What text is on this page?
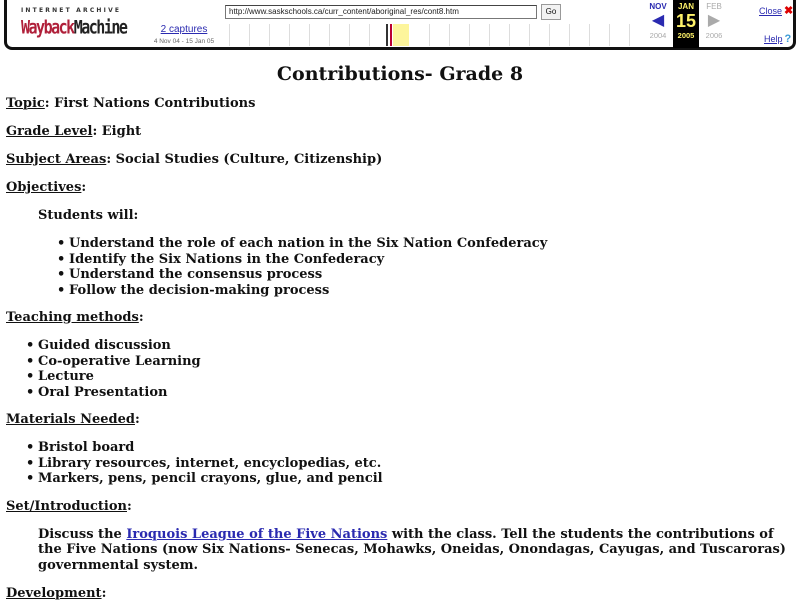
INTERNET ARCHIVE
WaybackMachine	2 captures
4 Nov 04 - 15 Jan 05
http://www.saskschools.ca/curr_content/aboriginal_res/cont8.htm	Go
NOV
◀
2004
JAN
15
2005
FEB
▶
2006
Close ✖
Help ?
Contributions- Grade 8
Topic: First Nations Contributions
Grade Level: Eight
Subject Areas: Social Studies (Culture, Citizenship)
Objectives:
Students will:
• Understand the role of each nation in the Six Nation Confederacy
• Identify the Six Nations in the Confederacy
• Understand the consensus process
• Follow the decision-making process
Teaching methods:
• Guided discussion
• Co-operative Learning
• Lecture
• Oral Presentation
Materials Needed:
• Bristol board
• Library resources, internet, encyclopedias, etc.
• Markers, pens, pencil crayons, glue, and pencil
Set/Introduction:
Discuss the Iroquois League of the Five Nations with the class. Tell the students the contributions of the Five Nations (now Six Nations- Senecas, Mohawks, Oneidas, Onondagas, Cayugas, and Tuscaroras) governmental system.
Development:
